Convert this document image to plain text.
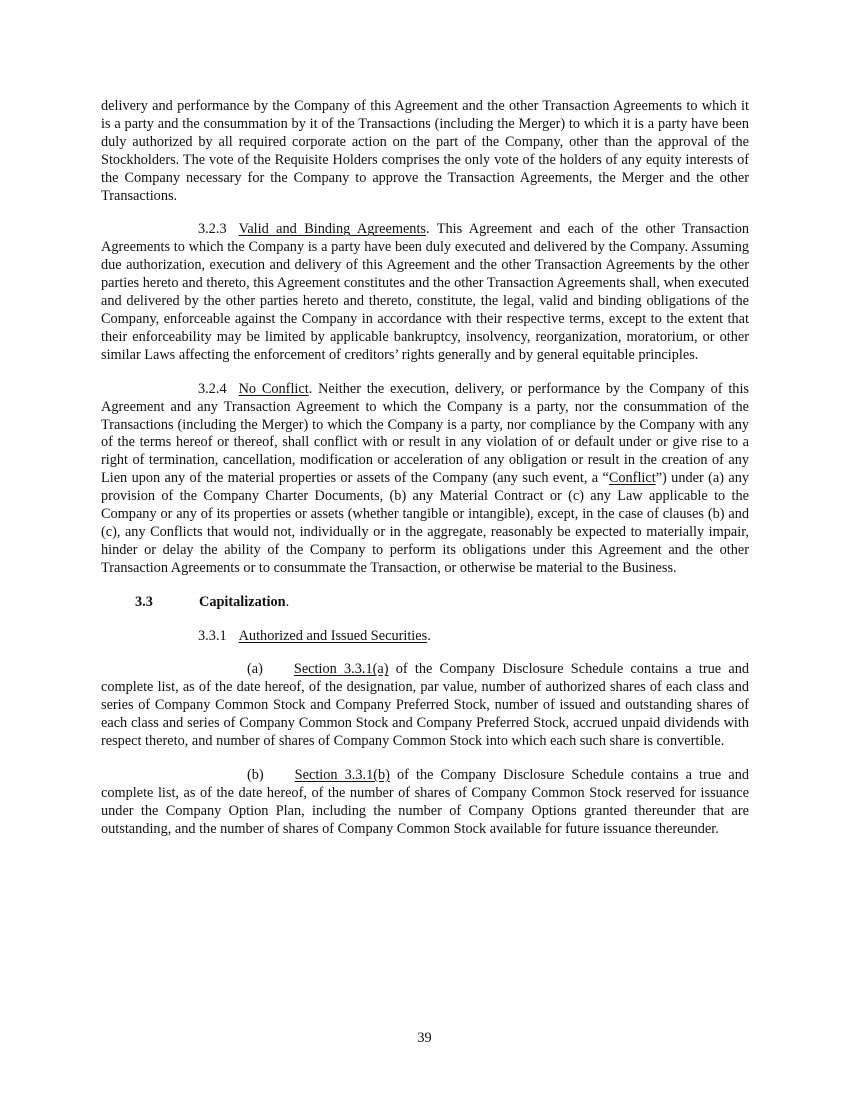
delivery and performance by the Company of this Agreement and the other Transaction Agreements to which it is a party and the consummation by it of the Transactions (including the Merger) to which it is a party have been duly authorized by all required corporate action on the part of the Company, other than the approval of the Stockholders. The vote of the Requisite Holders comprises the only vote of the holders of any equity interests of the Company necessary for the Company to approve the Transaction Agreements, the Merger and the other Transactions.

3.2.3 Valid and Binding Agreements. This Agreement and each of the other Transaction Agreements to which the Company is a party have been duly executed and delivered by the Company. Assuming due authorization, execution and delivery of this Agreement and the other Transaction Agreements by the other parties hereto and thereto, this Agreement constitutes and the other Transaction Agreements shall, when executed and delivered by the other parties hereto and thereto, constitute, the legal, valid and binding obligations of the Company, enforceable against the Company in accordance with their respective terms, except to the extent that their enforceability may be limited by applicable bankruptcy, insolvency, reorganization, moratorium, or other similar Laws affecting the enforcement of creditors’ rights generally and by general equitable principles.

3.2.4 No Conflict. Neither the execution, delivery, or performance by the Company of this Agreement and any Transaction Agreement to which the Company is a party, nor the consummation of the Transactions (including the Merger) to which the Company is a party, nor compliance by the Company with any of the terms hereof or thereof, shall conflict with or result in any violation of or default under or give rise to a right of termination, cancellation, modification or acceleration of any obligation or result in the creation of any Lien upon any of the material properties or assets of the Company (any such event, a “Conflict”) under (a) any provision of the Company Charter Documents, (b) any Material Contract or (c) any Law applicable to the Company or any of its properties or assets (whether tangible or intangible), except, in the case of clauses (b) and (c), any Conflicts that would not, individually or in the aggregate, reasonably be expected to materially impair, hinder or delay the ability of the Company to perform its obligations under this Agreement and the other Transaction Agreements or to consummate the Transaction, or otherwise be material to the Business.

3.3	Capitalization.

3.3.1 Authorized and Issued Securities.

(a) Section 3.3.1(a) of the Company Disclosure Schedule contains a true and complete list, as of the date hereof, of the designation, par value, number of authorized shares of each class and series of Company Common Stock and Company Preferred Stock, number of issued and outstanding shares of each class and series of Company Common Stock and Company Preferred Stock, accrued unpaid dividends with respect thereto, and number of shares of Company Common Stock into which each such share is convertible.

(b) Section 3.3.1(b) of the Company Disclosure Schedule contains a true and complete list, as of the date hereof, of the number of shares of Company Common Stock reserved for issuance under the Company Option Plan, including the number of Company Options granted thereunder that are outstanding, and the number of shares of Company Common Stock available for future issuance thereunder.

39
